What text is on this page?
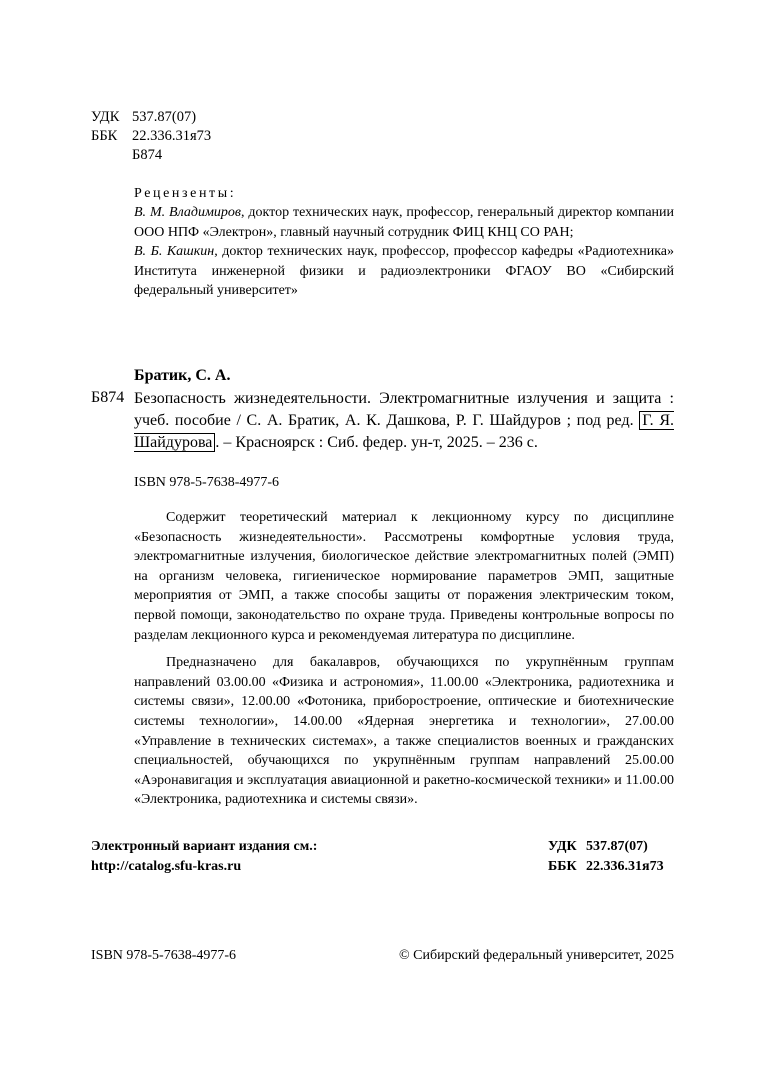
УДК 537.87(07)
ББК	22.336.31я73
Б874
Рецензенты:
В. М. Владимиров, доктор технических наук, профессор, генеральный директор компании ООО НПФ «Электрон», главный научный сотрудник ФИЦ КНЦ СО РАН;
В. Б. Кашкин, доктор технических наук, профессор, профессор кафедры «Радиотехника» Института инженерной физики и радиоэлектроники ФГАОУ ВО «Сибирский федеральный университет»
Братик, С. А.
Б874 Безопасность жизнедеятельности. Электромагнитные излучения и защита : учеб. пособие / С. А. Братик, А. К. Дашкова, Р. Г. Шайдуров ; под ред. Г. Я. Шайдурова . – Красноярск : Сиб. федер. ун-т, 2025. – 236 с.
ISBN 978-5-7638-4977-6

Содержит теоретический материал к лекционному курсу по дисциплине «Безопасность жизнедеятельности». Рассмотрены комфортные условия труда, электромагнитные излучения, биологическое действие электромагнитных полей (ЭМП) на организм человека, гигиеническое нормирование параметров ЭМП, защитные мероприятия от ЭМП, а также способы защиты от поражения электрическим током, первой помощи, законодательство по охране труда. Приведены контрольные вопросы по разделам лекционного курса и рекомендуемая литература по дисциплине.

Предназначено для бакалавров, обучающихся по укрупнённым группам направлений 03.00.00 «Физика и астрономия», 11.00.00 «Электроника, радиотехника и системы связи», 12.00.00 «Фотоника, приборостроение, оптические и биотехнические системы технологии», 14.00.00 «Ядерная энергетика и технологии», 27.00.00 «Управление в технических системах», а также специалистов военных и гражданских специальностей, обучающихся по укрупнённым группам направлений 25.00.00 «Аэронавигация и эксплуатация авиационной и ракетно-космической техники» и 11.00.00 «Электроника, радиотехника и системы связи».

Электронный вариант издания см.:
http://catalog.sfu-kras.ru
УДК 537.87(07)
ББК 22.336.31я73
ISBN 978-5-7638-4977-6	© Сибирский федеральный университет, 2025
